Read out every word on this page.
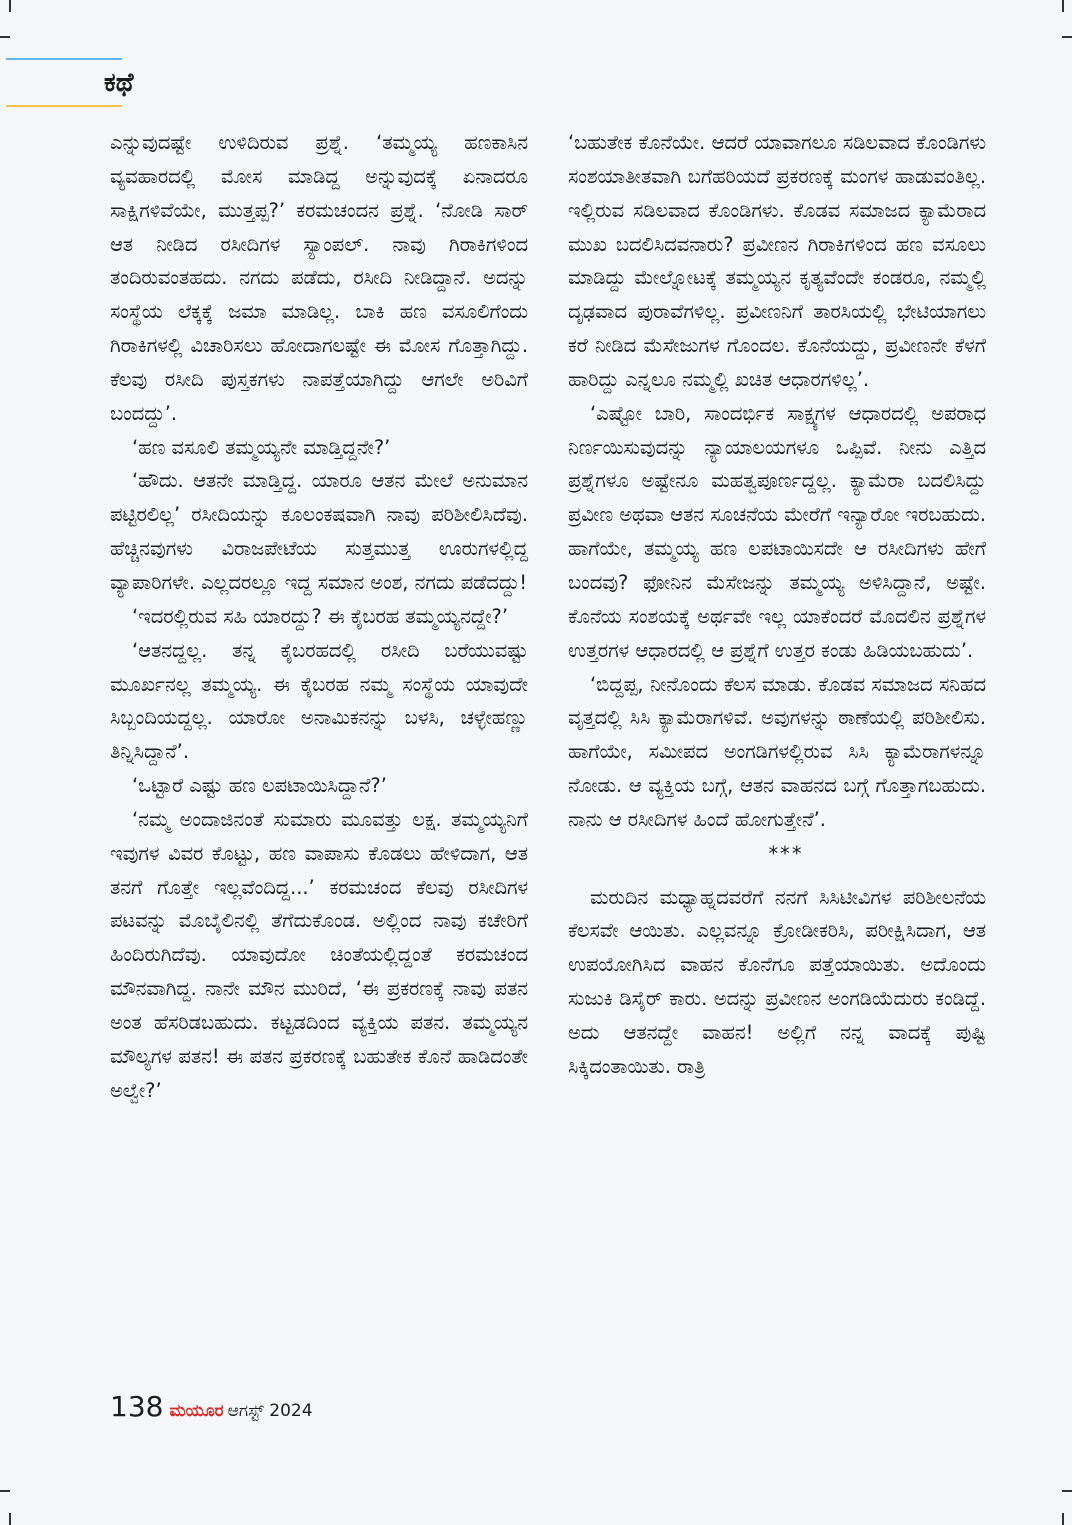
ಕಥೆ

ಎನ್ನುವುದಷ್ಟೇ ಉಳಿದಿರುವ ಪ್ರಶ್ನೆ. ‘ತಮ್ಮಯ್ಯ ಹಣಕಾಸಿನ ವ್ಯವಹಾರದಲ್ಲಿ ಮೋಸ ಮಾಡಿದ್ದ ಅನ್ನುವುದಕ್ಕೆ ಏನಾದರೂ ಸಾಕ್ಷಿಗಳಿವೆಯೇ, ಮುತ್ತಪ್ಪ?’ ಕರಮಚಂದನ ಪ್ರಶ್ನೆ. ‘ನೋಡಿ ಸಾರ್ ಆತ ನೀಡಿದ ರಸೀದಿಗಳ ಸ್ಯಾಂಪಲ್. ನಾವು ಗಿರಾಕಿಗಳಿಂದ ತಂದಿರುವಂತಹದು. ನಗದು ಪಡೆದು, ರಸೀದಿ ನೀಡಿದ್ದಾನೆ. ಅದನ್ನು ಸಂಸ್ಥೆಯ ಲೆಕ್ಕಕ್ಕೆ ಜಮಾ ಮಾಡಿಲ್ಲ. ಬಾಕಿ ಹಣ ವಸೂಲಿಗೆಂದು ಗಿರಾಕಿಗಳಲ್ಲಿ ವಿಚಾರಿಸಲು ಹೋದಾಗಲಷ್ಟೇ ಈ ಮೋಸ ಗೊತ್ತಾಗಿದ್ದು. ಕೆಲವು ರಸೀದಿ ಪುಸ್ತಕಗಳು ನಾಪತ್ತೆಯಾಗಿದ್ದು ಆಗಲೇ ಅರಿವಿಗೆ ಬಂದದ್ದು’.

‘ಹಣ ವಸೂಲಿ ತಮ್ಮಯ್ಯನೇ ಮಾಡ್ತಿದ್ದನೇ?’

‘ಹೌದು. ಆತನೇ ಮಾಡ್ತಿದ್ದ. ಯಾರೂ ಆತನ ಮೇಲೆ ಅನುಮಾನ ಪಟ್ಟಿರಲಿಲ್ಲ’ ರಸೀದಿಯನ್ನು ಕೂಲಂಕಷವಾಗಿ ನಾವು ಪರಿಶೀಲಿಸಿದೆವು. ಹೆಚ್ಚಿನವುಗಳು ವಿರಾಜಪೇಟೆಯ ಸುತ್ತಮುತ್ತ ಊರುಗಳಲ್ಲಿದ್ದ ವ್ಯಾಪಾರಿಗಳೇ. ಎಲ್ಲದರಲ್ಲೂ ಇದ್ದ ಸಮಾನ ಅಂಶ, ನಗದು ಪಡೆದದ್ದು!

‘ಇದರಲ್ಲಿರುವ ಸಹಿ ಯಾರದ್ದು? ಈ ಕೈಬರಹ ತಮ್ಮಯ್ಯನದ್ದೇ?’

‘ಆತನದ್ದಲ್ಲ. ತನ್ನ ಕೈಬರಹದಲ್ಲಿ ರಸೀದಿ ಬರೆಯುವಷ್ಟು ಮೂರ್ಖನಲ್ಲ ತಮ್ಮಯ್ಯ. ಈ ಕೈಬರಹ ನಮ್ಮ ಸಂಸ್ಥೆಯ ಯಾವುದೇ ಸಿಬ್ಬಂದಿಯದ್ದಲ್ಲ. ಯಾರೋ ಅನಾಮಿಕನನ್ನು ಬಳಸಿ, ಚಳ್ಳೇಹಣ್ಣು ತಿನ್ನಿಸಿದ್ದಾನೆ’.

‘ಒಟ್ಟಾರೆ ಎಷ್ಟು ಹಣ ಲಪಟಾಯಿಸಿದ್ದಾನೆ?’

‘ನಮ್ಮ ಅಂದಾಜಿನಂತೆ ಸುಮಾರು ಮೂವತ್ತು ಲಕ್ಷ. ತಮ್ಮಯ್ಯನಿಗೆ ಇವುಗಳ ವಿವರ ಕೊಟ್ಟು, ಹಣ ವಾಪಾಸು ಕೊಡಲು ಹೇಳಿದಾಗ, ಆತ ತನಗೆ ಗೊತ್ತೇ ಇಲ್ಲವೆಂದಿದ್ದ...’ ಕರಮಚಂದ ಕೆಲವು ರಸೀದಿಗಳ ಪಟವನ್ನು ಮೊಬೈಲಿನಲ್ಲಿ ತೆಗೆದುಕೊಂಡ. ಅಲ್ಲಿಂದ ನಾವು ಕಚೇರಿಗೆ ಹಿಂದಿರುಗಿದೆವು. ಯಾವುದೋ ಚಿಂತೆಯಲ್ಲಿದ್ದಂತೆ ಕರಮಚಂದ ಮೌನವಾಗಿದ್ದ. ನಾನೇ ಮೌನ ಮುರಿದೆ, ‘ಈ ಪ್ರಕರಣಕ್ಕೆ ನಾವು ಪತನ ಅಂತ ಹೆಸರಿಡಬಹುದು. ಕಟ್ಟಡದಿಂದ ವ್ಯಕ್ತಿಯ ಪತನ. ತಮ್ಮಯ್ಯನ ಮೌಲ್ಯಗಳ ಪತನ! ಈ ಪತನ ಪ್ರಕರಣಕ್ಕೆ ಬಹುತೇಕ ಕೊನೆ ಹಾಡಿದಂತೇ ಅಲ್ವೇ?’

‘ಬಹುತೇಕ ಕೊನೆಯೇ. ಆದರೆ ಯಾವಾಗಲೂ ಸಡಿಲವಾದ ಕೊಂಡಿಗಳು ಸಂಶಯಾತೀತವಾಗಿ ಬಗೆಹರಿಯದೆ ಪ್ರಕರಣಕ್ಕೆ ಮಂಗಳ ಹಾಡುವಂತಿಲ್ಲ. ಇಲ್ಲಿರುವ ಸಡಿಲವಾದ ಕೊಂಡಿಗಳು. ಕೊಡವ ಸಮಾಜದ ಕ್ಯಾಮೆರಾದ ಮುಖ ಬದಲಿಸಿದವನಾರು? ಪ್ರವೀಣನ ಗಿರಾಕಿಗಳಿಂದ ಹಣ ವಸೂಲು ಮಾಡಿದ್ದು ಮೇಲ್ನೋಟಕ್ಕೆ ತಮ್ಮಯ್ಯನ ಕೃತ್ಯವೆಂದೇ ಕಂಡರೂ, ನಮ್ಮಲ್ಲಿ ದೃಢವಾದ ಪುರಾವೆಗಳಿಲ್ಲ. ಪ್ರವೀಣನಿಗೆ ತಾರಸಿಯಲ್ಲಿ ಭೇಟಿಯಾಗಲು ಕರೆ ನೀಡಿದ ಮೆಸೇಜುಗಳ ಗೊಂದಲ. ಕೊನೆಯದ್ದು, ಪ್ರವೀಣನೇ ಕೆಳಗೆ ಹಾರಿದ್ದು ಎನ್ನಲೂ ನಮ್ಮಲ್ಲಿ ಖಚಿತ ಆಧಾರಗಳಿಲ್ಲ’.

‘ಎಷ್ಟೋ ಬಾರಿ, ಸಾಂದರ್ಭಿಕ ಸಾಕ್ಷ್ಯಗಳ ಆಧಾರದಲ್ಲಿ ಅಪರಾಧ ನಿರ್ಣಯಿಸುವುದನ್ನು ನ್ಯಾಯಾಲಯಗಳೂ ಒಪ್ಪಿವೆ. ನೀನು ಎತ್ತಿದ ಪ್ರಶ್ನೆಗಳೂ ಅಷ್ಟೇನೂ ಮಹತ್ವಪೂರ್ಣದ್ದಲ್ಲ. ಕ್ಯಾಮೆರಾ ಬದಲಿಸಿದ್ದು ಪ್ರವೀಣ ಅಥವಾ ಆತನ ಸೂಚನೆಯ ಮೇರೆಗೆ ಇನ್ಯಾರೋ ಇರಬಹುದು. ಹಾಗೆಯೇ, ತಮ್ಮಯ್ಯ ಹಣ ಲಪಟಾಯಿಸದೇ ಆ ರಸೀದಿಗಳು ಹೇಗೆ ಬಂದವು? ಫೋನಿನ ಮೆಸೇಜನ್ನು ತಮ್ಮಯ್ಯ ಅಳಿಸಿದ್ದಾನೆ, ಅಷ್ಟೇ. ಕೊನೆಯ ಸಂಶಯಕ್ಕೆ ಅರ್ಥವೇ ಇಲ್ಲ ಯಾಕೆಂದರೆ ಮೊದಲಿನ ಪ್ರಶ್ನೆಗಳ ಉತ್ತರಗಳ ಆಧಾರದಲ್ಲಿ ಆ ಪ್ರಶ್ನೆಗೆ ಉತ್ತರ ಕಂಡು ಹಿಡಿಯಬಹುದು’.

‘ಬಿದ್ದಪ್ಪ, ನೀನೊಂದು ಕೆಲಸ ಮಾಡು. ಕೊಡವ ಸಮಾಜದ ಸನಿಹದ ವೃತ್ತದಲ್ಲಿ ಸಿಸಿ ಕ್ಯಾಮೆರಾಗಳಿವೆ. ಅವುಗಳನ್ನು ಠಾಣೆಯಲ್ಲಿ ಪರಿಶೀಲಿಸು. ಹಾಗೆಯೇ, ಸಮೀಪದ ಅಂಗಡಿಗಳಲ್ಲಿರುವ ಸಿಸಿ ಕ್ಯಾಮೆರಾಗಳನ್ನೂ ನೋಡು. ಆ ವ್ಯಕ್ತಿಯ ಬಗ್ಗೆ, ಆತನ ವಾಹನದ ಬಗ್ಗೆ ಗೊತ್ತಾಗಬಹುದು. ನಾನು ಆ ರಸೀದಿಗಳ ಹಿಂದೆ ಹೋಗುತ್ತೇನೆ’.

***

ಮರುದಿನ ಮಧ್ಯಾಹ್ನದವರೆಗೆ ನನಗೆ ಸಿಸಿಟೀವಿಗಳ ಪರಿಶೀಲನೆಯ ಕೆಲಸವೇ ಆಯಿತು. ಎಲ್ಲವನ್ನೂ ಕ್ರೋಡೀಕರಿಸಿ, ಪರೀಕ್ಷಿಸಿದಾಗ, ಆತ ಉಪಯೋಗಿಸಿದ ವಾಹನ ಕೊನೆಗೂ ಪತ್ತೆಯಾಯಿತು. ಅದೊಂದು ಸುಜುಕಿ ಡಿಸೈರ್ ಕಾರು. ಅದನ್ನು ಪ್ರವೀಣನ ಅಂಗಡಿಯೆದುರು ಕಂಡಿದ್ದೆ. ಅದು ಆತನದ್ದೇ ವಾಹನ! ಅಲ್ಲಿಗೆ ನನ್ನ ವಾದಕ್ಕೆ ಪುಷ್ಟಿ ಸಿಕ್ಕಿದಂತಾಯಿತು. ರಾತ್ರಿ

138 ಮಯೂರ ಆಗಸ್ಟ್ 2024
